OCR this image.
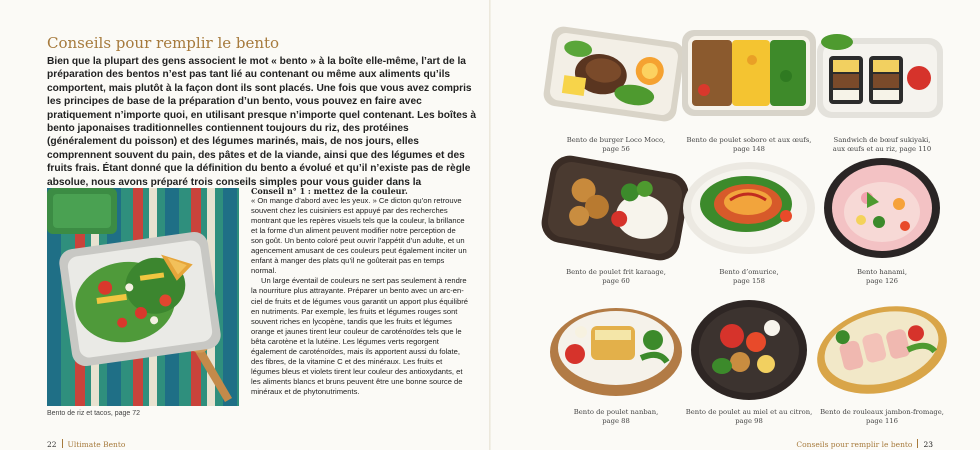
Conseils pour remplir le bento
Bien que la plupart des gens associent le mot « bento » à la boîte elle-même, l’art de la préparation des bentos n’est pas tant lié au contenant ou même aux aliments qu’ils comportent, mais plutôt à la façon dont ils sont placés. Une fois que vous avez compris les principes de base de la préparation d’un bento, vous pouvez en faire avec pratiquement n’importe quoi, en utilisant presque n’importe quel contenant. Les boîtes à bento japonaises traditionnelles contiennent toujours du riz, des protéines (généralement du poisson) et des légumes marinés, mais, de nos jours, elles comprennent souvent du pain, des pâtes et de la viande, ainsi que des légumes et des fruits frais. Étant donné que la définition du bento a évolué et qu’il n’existe pas de règle absolue, nous avons préparé trois conseils simples pour vous guider dans la
Bento de riz et tacos, page 72
Conseil n° 1 : mettez de la couleur.

« On mange d’abord avec les yeux. » Ce dicton qu’on retrouve souvent chez les cuisiniers est appuyé par des recherches montrant que les repères visuels tels que la couleur, la brillance et la forme d’un aliment peuvent modifier notre perception de son goût. Un bento coloré peut ouvrir l’appétit d’un adulte, et un agencement amusant de ces couleurs peut également inciter un enfant à manger des plats qu’il ne goûterait pas en temps normal.

Un large éventail de couleurs ne sert pas seulement à rendre la nourriture plus attrayante. Préparer un bento avec un arc-en-ciel de fruits et de légumes vous garantit un apport plus équilibré en nutriments. Par exemple, les fruits et légumes rouges sont souvent riches en lycopène, tandis que les fruits et légumes orange et jaunes tirent leur couleur de caroténoïdes tels que le bêta carotène et la lutéine. Les légumes verts regorgent également de caroténoïdes, mais ils apportent aussi du folate, des fibres, de la vitamine C et des minéraux. Les fruits et légumes bleus et violets tirent leur couleur des antioxydants, et les aliments blancs et bruns peuvent être une bonne source de minéraux et de phytonutriments.

22 Ultimate Bento
Bento de burger Loco Moco,
page 56
Bento de poulet soboro et aux œufs,
page 148
Sandwich de bœuf sukiyaki,
aux œufs et au riz, page 110
Bento de poulet frit karaage,
page 60
Bento d’omurice,
page 158
Bento hanami,
page 126
Bento de poulet nanban,
page 88
Bento de poulet au miel et au citron,
page 98
Bento de rouleaux jambon-fromage,
page 116
Conseils pour remplir le bento 23
